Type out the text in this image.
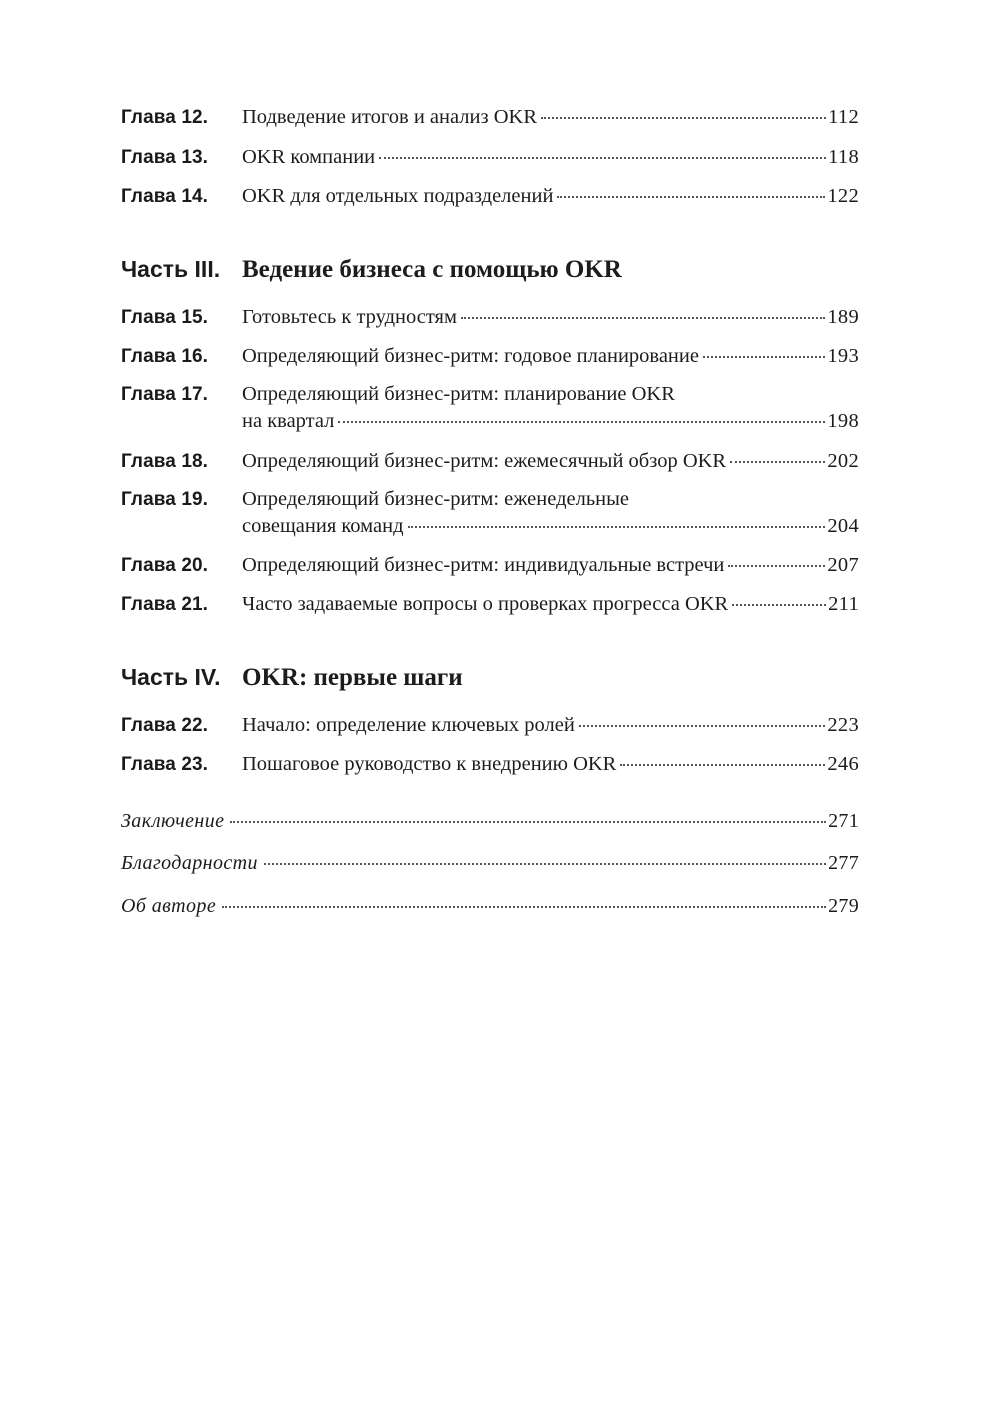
Глава 12. Подведение итогов и анализ OKR	112
Глава 13. OKR компании	118
Глава 14. OKR для отдельных подразделений	122
Часть III. Ведение бизнеса с помощью OKR
Глава 15. Готовьтесь к трудностям	189
Глава 16. Определяющий бизнес-ритм: годовое планирование	193
Глава 17. Определяющий бизнес-ритм: планирование OKR
на квартал	198
Глава 18. Определяющий бизнес-ритм: ежемесячный обзор OKR	202
Глава 19. Определяющий бизнес-ритм: еженедельные
совещания команд	204
Глава 20. Определяющий бизнес-ритм: индивидуальные встречи	207
Глава 21. Часто задаваемые вопросы о проверках прогресса OKR	211
Часть IV. OKR: первые шаги
Глава 22. Начало: определение ключевых ролей	223
Глава 23. Пошаговое руководство к внедрению OKR	246
Заключение	271
Благодарности	277
Об авторе	279
